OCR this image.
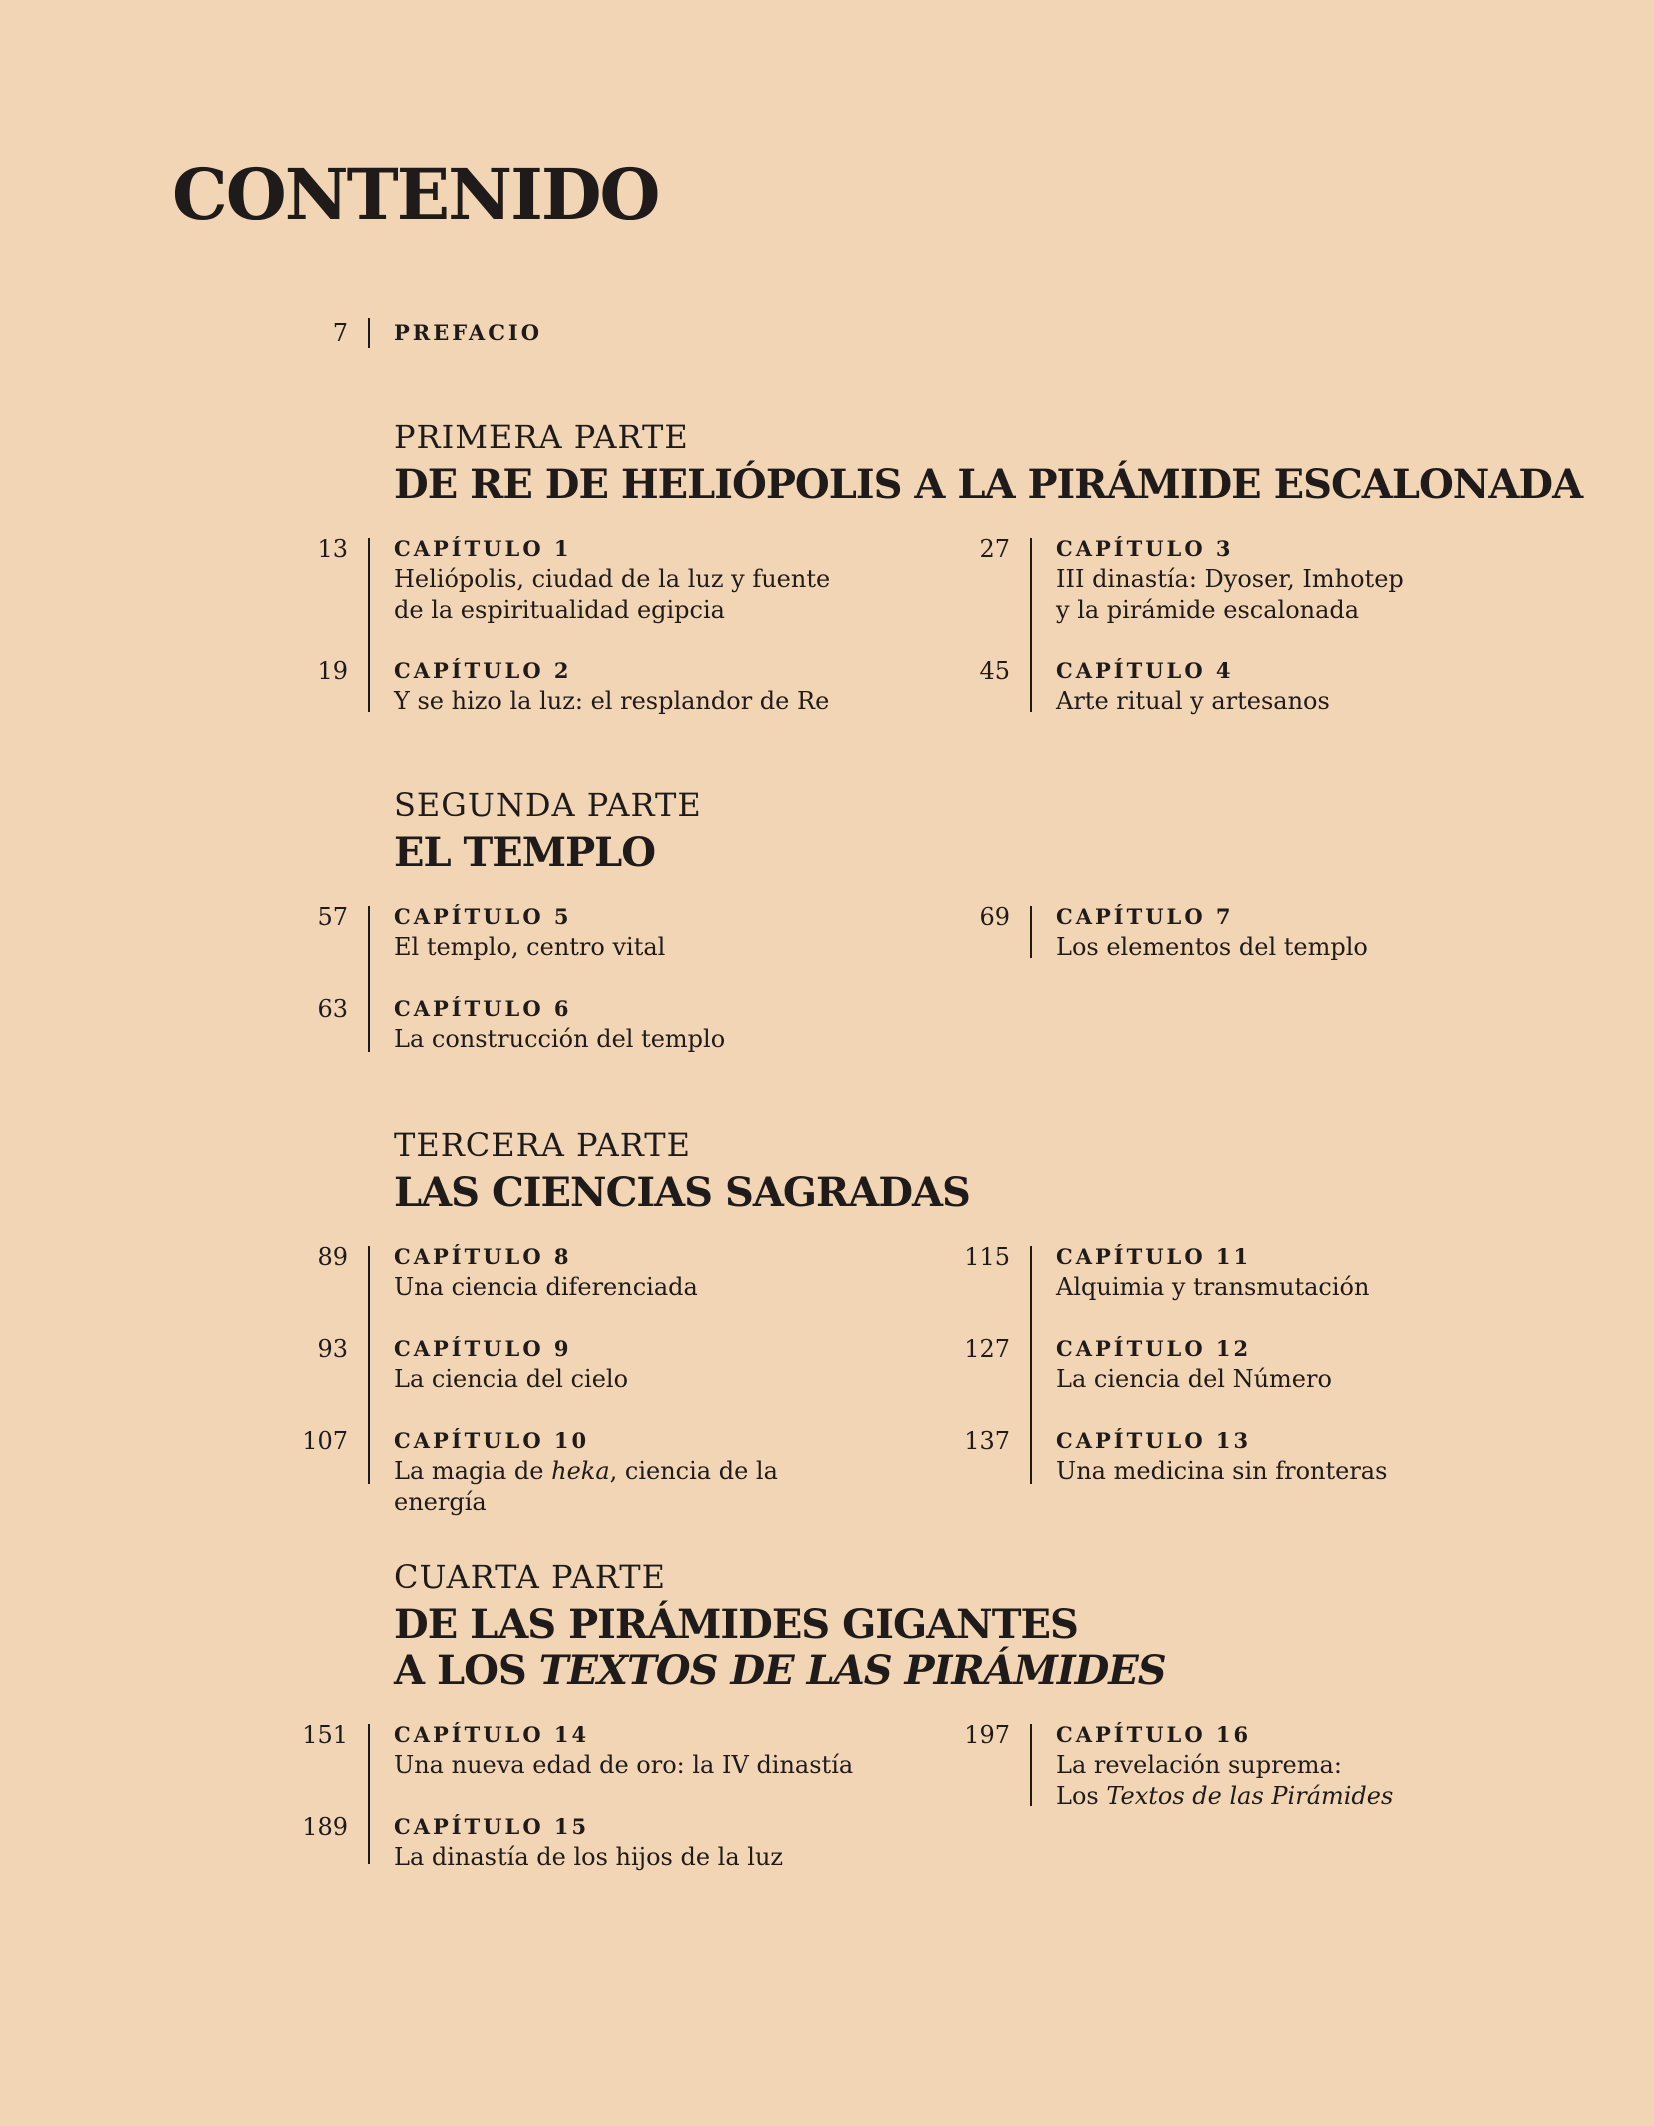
CONTENIDO
7 PREFACIO
PRIMERA PARTE
DE RE DE HELIÓPOLIS A LA PIRÁMIDE ESCALONADA
13 CAPÍTULO 1

Heliópolis, ciudad de la luz y fuente

de la espiritualidad egipcia

19 CAPÍTULO 2

Y se hizo la luz: el resplandor de Re

27 CAPÍTULO 3

III dinastía: Dyoser, Imhotep

y la pirámide escalonada

45 CAPÍTULO 4

Arte ritual y artesanos

SEGUNDA PARTE
EL TEMPLO
57 CAPÍTULO 5

El templo, centro vital

63 CAPÍTULO 6

La construcción del templo

69 CAPÍTULO 7

Los elementos del templo

TERCERA PARTE
LAS CIENCIAS SAGRADAS
89 CAPÍTULO 8

Una ciencia diferenciada

93 CAPÍTULO 9

La ciencia del cielo

107 CAPÍTULO 10

La magia de heka, ciencia de la energía

115 CAPÍTULO 11

Alquimia y transmutación

127 CAPÍTULO 12

La ciencia del Número

137 CAPÍTULO 13

Una medicina sin fronteras

CUARTA PARTE
DE LAS PIRÁMIDES GIGANTES
A LOS TEXTOS DE LAS PIRÁMIDES
151 CAPÍTULO 14

Una nueva edad de oro: la IV dinastía

189 CAPÍTULO 15

La dinastía de los hijos de la luz

197 CAPÍTULO 16

La revelación suprema:

Los Textos de las Pirámides
